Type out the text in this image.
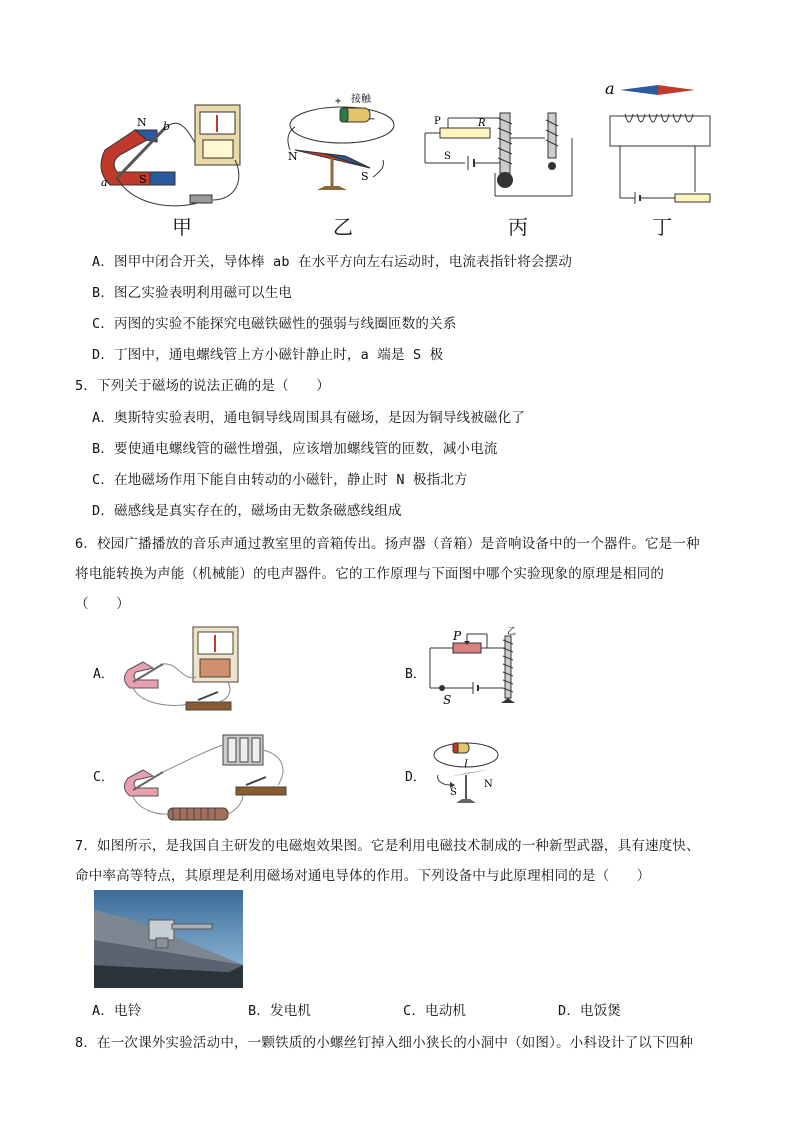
N
S
a
b
甲
+
−
接触
N
S
乙
P	R
S
丙
a
丁
A．图甲中闭合开关，导体棒 ab 在水平方向左右运动时，电流表指针将会摆动
B．图乙实验表明利用磁可以生电
C．丙图的实验不能探究电磁铁磁性的强弱与线圈匝数的关系
D．丁图中，通电螺线管上方小磁针静止时，a 端是 S 极
5．下列关于磁场的说法正确的是（　　）
A．奥斯特实验表明，通电铜导线周围具有磁场，是因为铜导线被磁化了
B．要使通电螺线管的磁性增强，应该增加螺线管的匝数，减小电流
C．在地磁场作用下能自由转动的小磁针，静止时 N 极指北方
D．磁感线是真实存在的，磁场由无数条磁感线组成
6．校园广播播放的音乐声通过教室里的音箱传出。扬声器（音箱）是音响设备中的一个器件。它是一种
将电能转换为声能（机械能）的电声器件。它的工作原理与下面图中哪个实验现象的原理是相同的
（　　）
A．	B．
P
S
乙
C．	D．
I
S
N
7．如图所示，是我国自主研发的电磁炮效果图。它是利用电磁技术制成的一种新型武器，具有速度快、
命中率高等特点，其原理是利用磁场对通电导体的作用。下列设备中与此原理相同的是（　　）
A．电铃	B．发电机	C．电动机	D．电饭煲
8．在一次课外实验活动中，一颗铁质的小螺丝钉掉入细小狭长的小洞中（如图）。小科设计了以下四种
